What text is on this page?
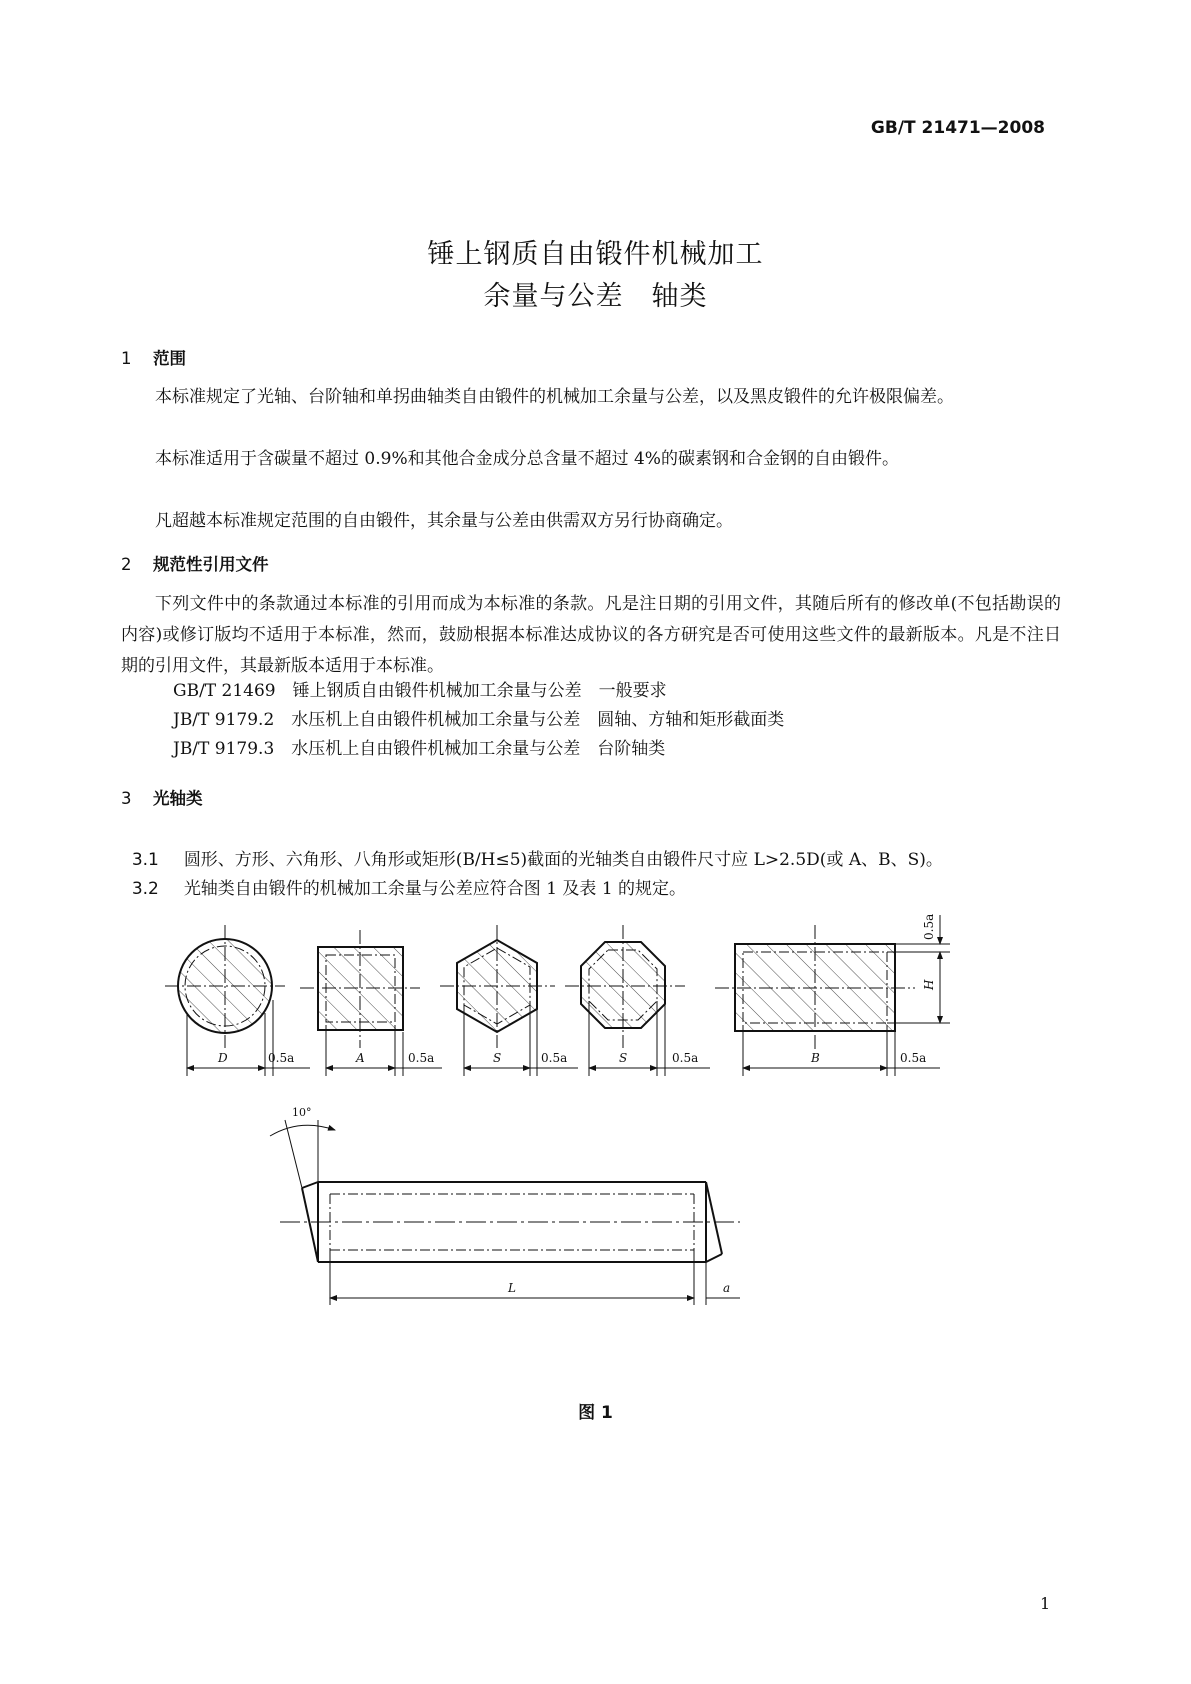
GB/T 21471—2008
锤上钢质自由锻件机械加工
余量与公差　轴类
1 范围
本标准规定了光轴、台阶轴和单拐曲轴类自由锻件的机械加工余量与公差，以及黑皮锻件的允许极限偏差。
本标准适用于含碳量不超过 0.9%和其他合金成分总含量不超过 4%的碳素钢和合金钢的自由锻件。
凡超越本标准规定范围的自由锻件，其余量与公差由供需双方另行协商确定。
2 规范性引用文件
下列文件中的条款通过本标准的引用而成为本标准的条款。凡是注日期的引用文件，其随后所有的修改单(不包括勘误的内容)或修订版均不适用于本标准，然而，鼓励根据本标准达成协议的各方研究是否可使用这些文件的最新版本。凡是不注日期的引用文件，其最新版本适用于本标准。
GB/T 21469　锤上钢质自由锻件机械加工余量与公差　一般要求
JB/T 9179.2　水压机上自由锻件机械加工余量与公差　圆轴、方轴和矩形截面类
JB/T 9179.3　水压机上自由锻件机械加工余量与公差　台阶轴类
3 光轴类

3.1 圆形、方形、六角形、八角形或矩形(B/H≤5)截面的光轴类自由锻件尺寸应 L>2.5D(或 A、B、S)。

3.2 光轴类自由锻件的机械加工余量与公差应符合图 1 及表 1 的规定。

D	0.5a	A	0.5a	S	0.5a	S	0.5a	B	0.5a
H
0.5a
L	a
10°
图 1
1
